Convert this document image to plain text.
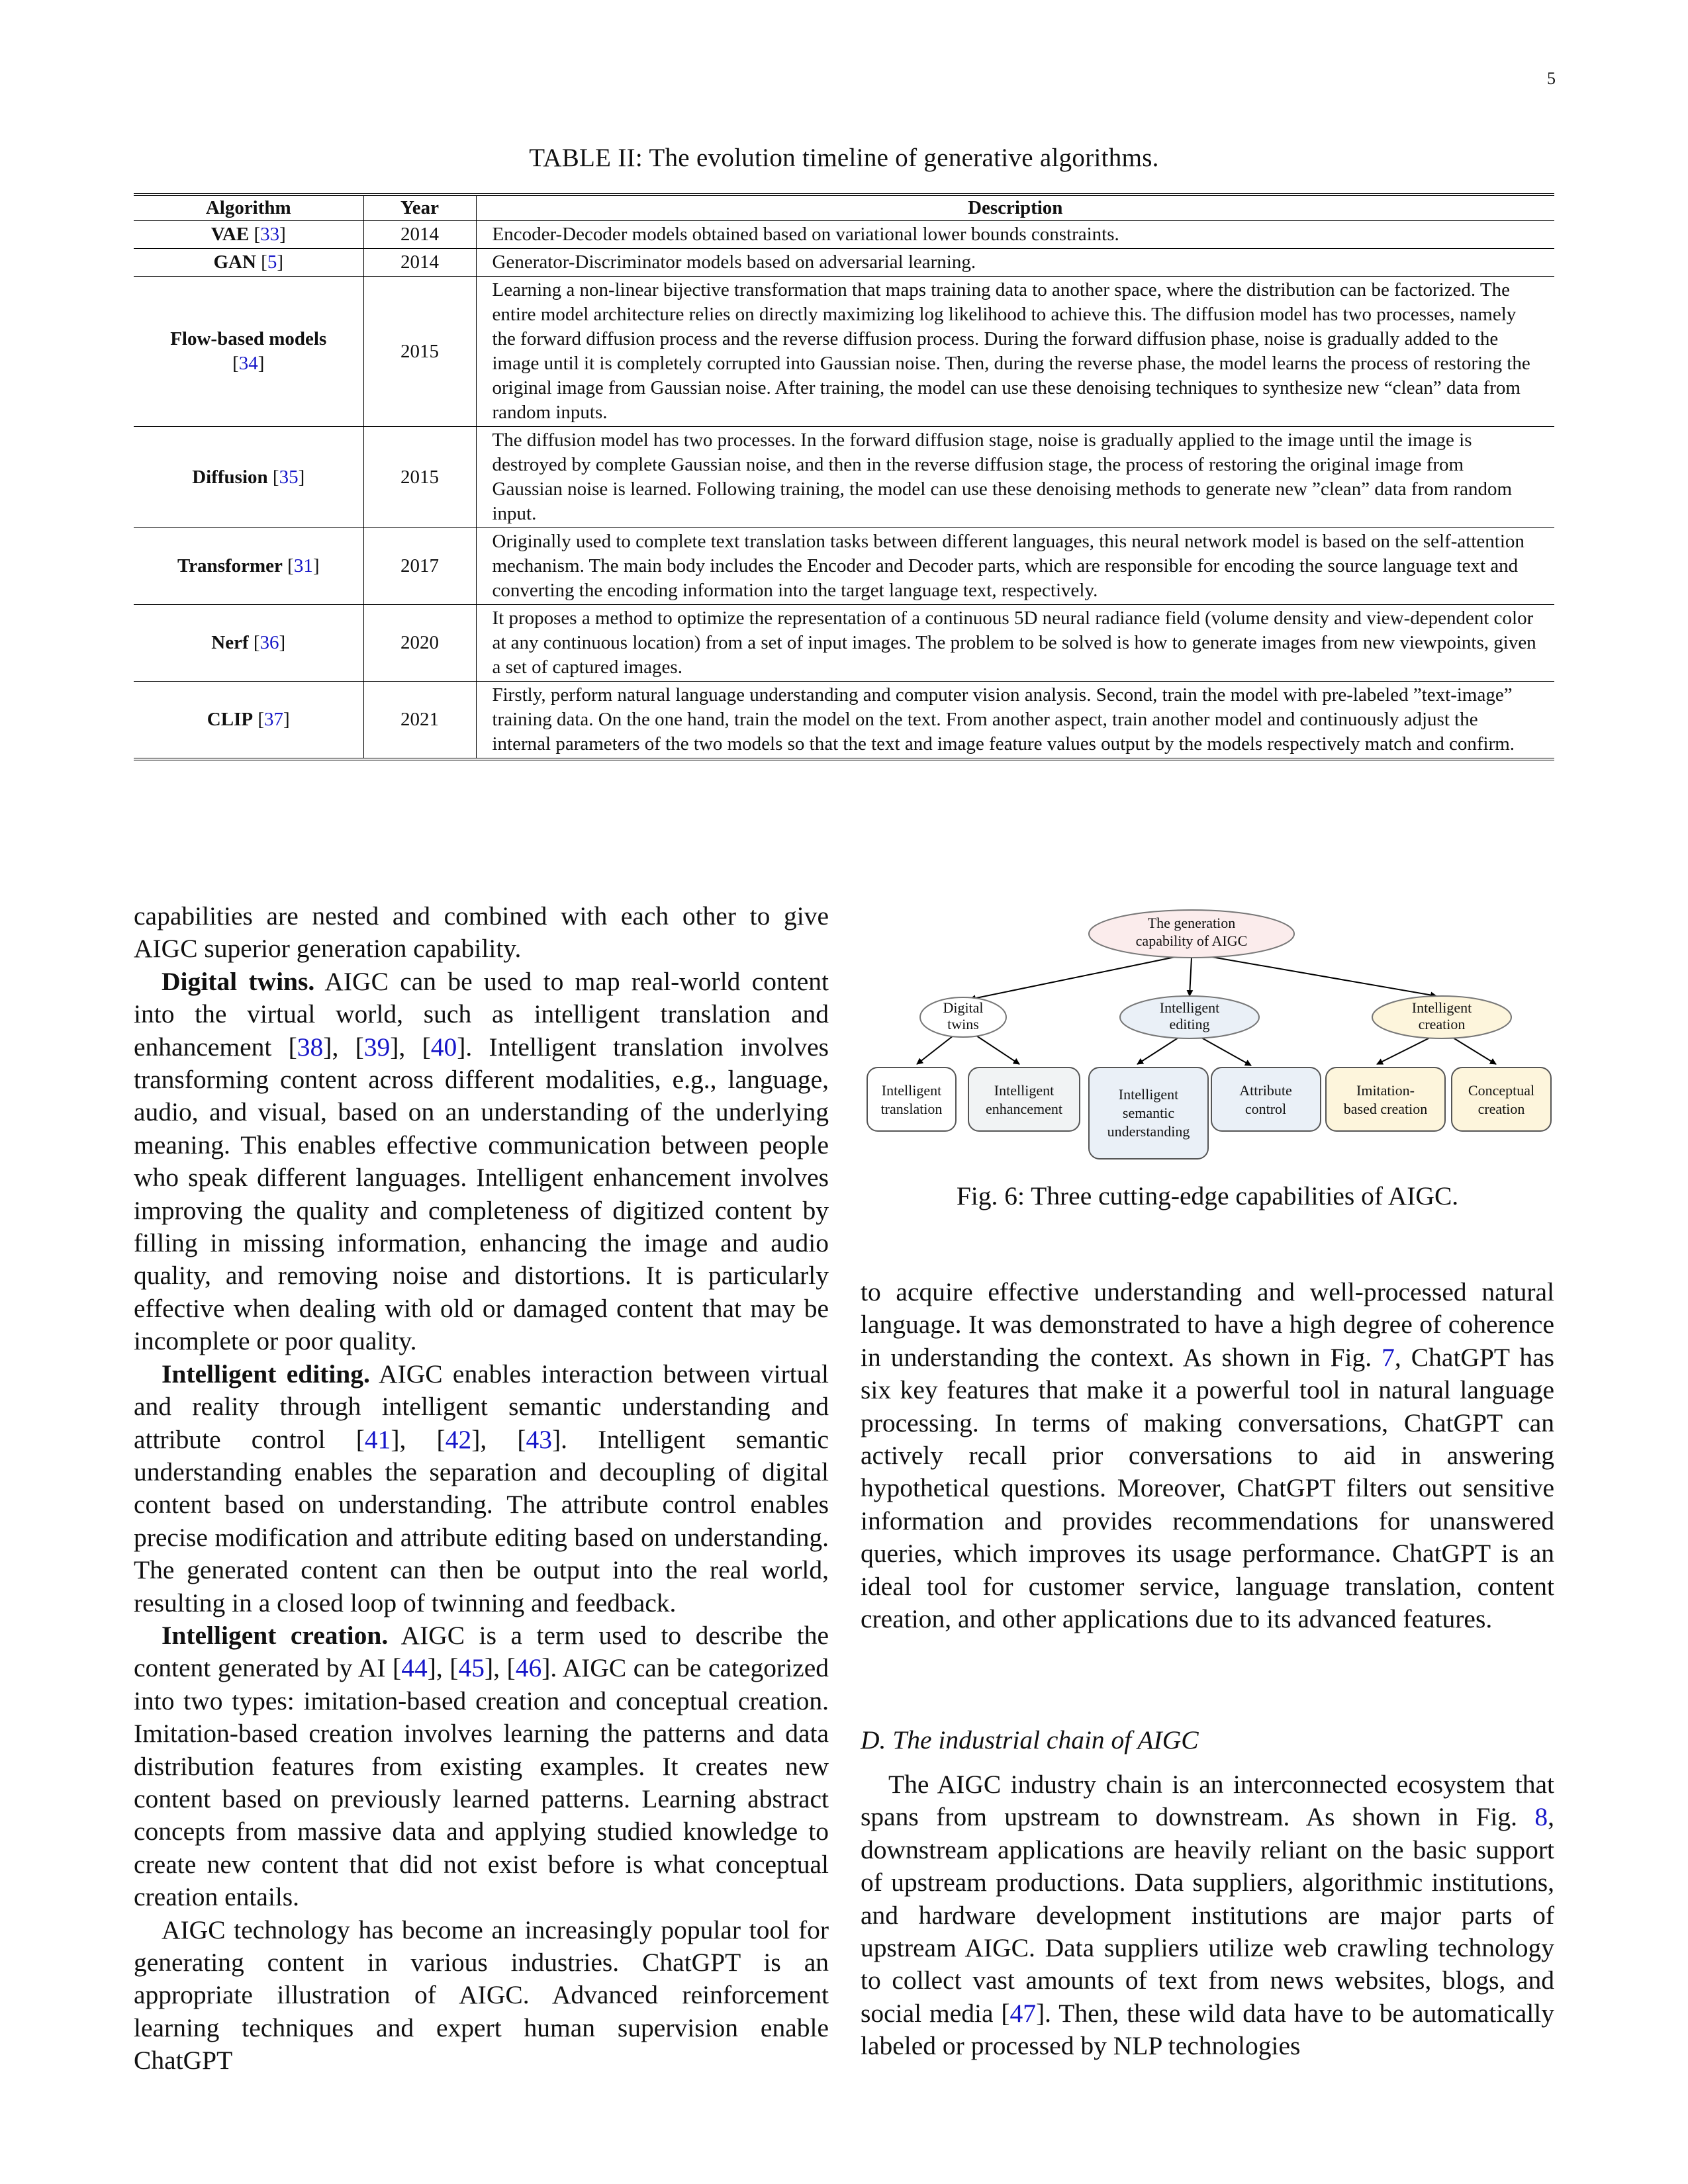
5
TABLE II: The evolution timeline of generative algorithms.
Algorithm	Year	Description
VAE [33]	2014	Encoder-Decoder models obtained based on variational lower bounds constraints.
GAN [5]	2014	Generator-Discriminator models based on adversarial learning.
Flow-based models
[34]	2015	Learning a non-linear bijective transformation that maps training data to another space, where the distribution can be factorized. The entire model architecture relies on directly maximizing log likelihood to achieve this. The diffusion model has two processes, namely the forward diffusion process and the reverse diffusion process. During the forward diffusion phase, noise is gradually added to the image until it is completely corrupted into Gaussian noise. Then, during the reverse phase, the model learns the process of restoring the original image from Gaussian noise. After training, the model can use these denoising techniques to synthesize new “clean” data from random inputs.
Diffusion [35]	2015	The diffusion model has two processes. In the forward diffusion stage, noise is gradually applied to the image until the image is destroyed by complete Gaussian noise, and then in the reverse diffusion stage, the process of restoring the original image from Gaussian noise is learned. Following training, the model can use these denoising methods to generate new ”clean” data from random input.
Transformer [31]	2017	Originally used to complete text translation tasks between different languages, this neural network model is based on the self-attention mechanism. The main body includes the Encoder and Decoder parts, which are responsible for encoding the source language text and converting the encoding information into the target language text, respectively.
Nerf [36]	2020	It proposes a method to optimize the representation of a continuous 5D neural radiance field (volume density and view-dependent color at any continuous location) from a set of input images. The problem to be solved is how to generate images from new viewpoints, given a set of captured images.
CLIP [37]	2021	Firstly, perform natural language understanding and computer vision analysis. Second, train the model with pre-labeled ”text-image” training data. On the one hand, train the model on the text. From another aspect, train another model and continuously adjust the internal parameters of the two models so that the text and image feature values output by the models respectively match and confirm.

capabilities are nested and combined with each other to give AIGC superior generation capability.

Digital twins. AIGC can be used to map real-world content into the virtual world, such as intelligent translation and enhancement [38], [39], [40]. Intelligent translation involves transforming content across different modalities, e.g., language, audio, and visual, based on an understanding of the underlying meaning. This enables effective communication between people who speak different languages. Intelligent enhancement involves improving the quality and completeness of digitized content by filling in missing information, enhancing the image and audio quality, and removing noise and distortions. It is particularly effective when dealing with old or damaged content that may be incomplete or poor quality.

Intelligent editing. AIGC enables interaction between virtual and reality through intelligent semantic understanding and attribute control [41], [42], [43]. Intelligent semantic understanding enables the separation and decoupling of digital content based on understanding. The attribute control enables precise modification and attribute editing based on understanding. The generated content can then be output into the real world, resulting in a closed loop of twinning and feedback.

Intelligent creation. AIGC is a term used to describe the content generated by AI [44], [45], [46]. AIGC can be categorized into two types: imitation-based creation and conceptual creation. Imitation-based creation involves learning the patterns and data distribution features from existing examples. It creates new content based on previously learned patterns. Learning abstract concepts from massive data and applying studied knowledge to create new content that did not exist before is what conceptual creation entails.

AIGC technology has become an increasingly popular tool for generating content in various industries. ChatGPT is an appropriate illustration of AIGC. Advanced reinforcement learning techniques and expert human supervision enable ChatGPT

The generation
capability of AIGC
Digital
twins
Intelligent
editing
Intelligent
creation
Intelligent
translation
Intelligent
enhancement
Intelligent
semantic
understanding
Attribute
control
Imitation-
based creation
Conceptual
creation
Fig. 6: Three cutting-edge capabilities of AIGC.

to acquire effective understanding and well-processed natural language. It was demonstrated to have a high degree of coherence in understanding the context. As shown in Fig. 7, ChatGPT has six key features that make it a powerful tool in natural language processing. In terms of making conversations, ChatGPT can actively recall prior conversations to aid in answering hypothetical questions. Moreover, ChatGPT filters out sensitive information and provides recommendations for unanswered queries, which improves its usage performance. ChatGPT is an ideal tool for customer service, language translation, content creation, and other applications due to its advanced features.

D. The industrial chain of AIGC

The AIGC industry chain is an interconnected ecosystem that spans from upstream to downstream. As shown in Fig. 8, downstream applications are heavily reliant on the basic support of upstream productions. Data suppliers, algorithmic institutions, and hardware development institutions are major parts of upstream AIGC. Data suppliers utilize web crawling technology to collect vast amounts of text from news websites, blogs, and social media [47]. Then, these wild data have to be automatically labeled or processed by NLP technologies
